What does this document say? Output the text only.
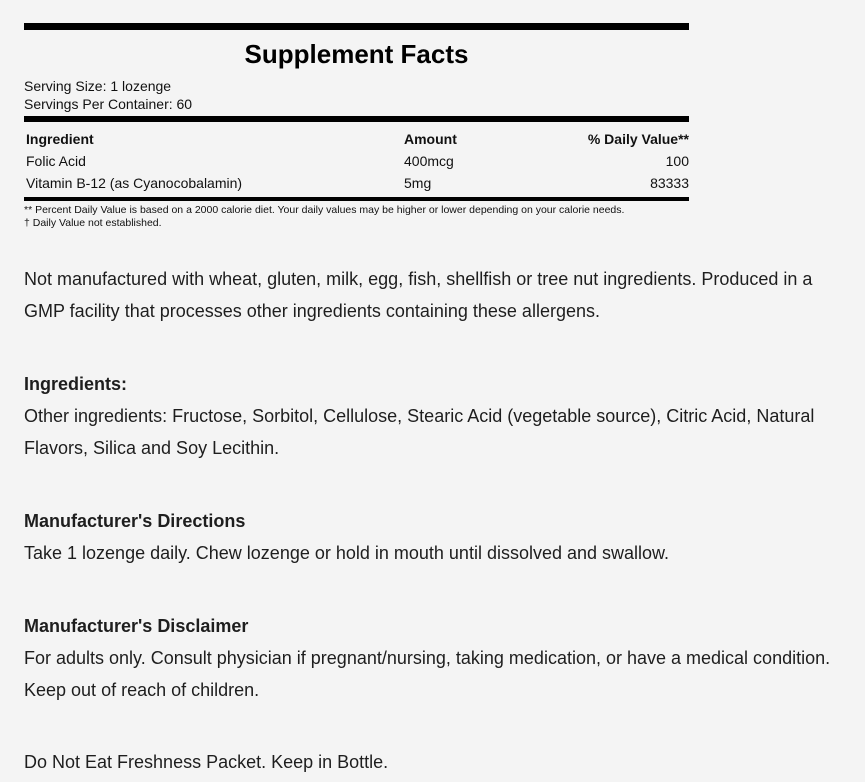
Supplement Facts
Serving Size: 1 lozenge
Servings Per Container: 60
Ingredient	Amount	% Daily Value**
Folic Acid	400mcg	100
Vitamin B-12 (as Cyanocobalamin)	5mg	83333
** Percent Daily Value is based on a 2000 calorie diet. Your daily values may be higher or lower depending on your calorie needs.
† Daily Value not established.

Not manufactured with wheat, gluten, milk, egg, fish, shellfish or tree nut ingredients. Produced in a GMP facility that processes other ingredients containing these allergens.

Ingredients:

Other ingredients: Fructose, Sorbitol, Cellulose, Stearic Acid (vegetable source), Citric Acid, Natural Flavors, Silica and Soy Lecithin.

Manufacturer's Directions

Take 1 lozenge daily. Chew lozenge or hold in mouth until dissolved and swallow.

Manufacturer's Disclaimer

For adults only. Consult physician if pregnant/nursing, taking medication, or have a medical condition. Keep out of reach of children.

Do Not Eat Freshness Packet. Keep in Bottle.
